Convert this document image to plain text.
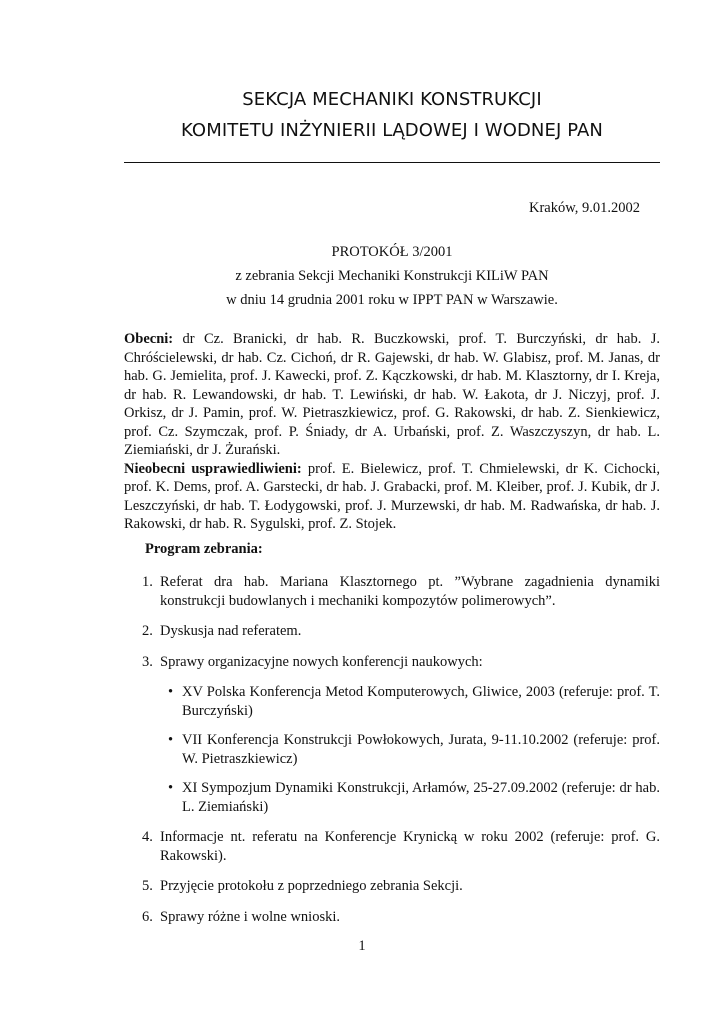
SEKCJA MECHANIKI KONSTRUKCJI
KOMITETU INŻYNIERII LĄDOWEJ I WODNEJ PAN
Kraków, 9.01.2002
PROTOKÓŁ 3/2001
z zebrania Sekcji Mechaniki Konstrukcji KILiW PAN
w dniu 14 grudnia 2001 roku w IPPT PAN w Warszawie.
Obecni: dr Cz. Branicki, dr hab. R. Buczkowski, prof. T. Burczyński, dr hab. J. Chróścielewski, dr hab. Cz. Cichoń, dr R. Gajewski, dr hab. W. Glabisz, prof. M. Janas, dr hab. G. Jemielita, prof. J. Kawecki, prof. Z. Kączkowski, dr hab. M. Klasztorny, dr I. Kreja, dr hab. R. Lewandowski, dr hab. T. Lewiński, dr hab. W. Łakota, dr J. Niczyj, prof. J. Orkisz, dr J. Pamin, prof. W. Pietraszkiewicz, prof. G. Rakowski, dr hab. Z. Sienkiewicz, prof. Cz. Szymczak, prof. P. Śniady, dr A. Urbański, prof. Z. Waszczyszyn, dr hab. L. Ziemiański, dr J. Żurański.
Nieobecni usprawiedliwieni: prof. E. Bielewicz, prof. T. Chmielewski, dr K. Cichocki, prof. K. Dems, prof. A. Garstecki, dr hab. J. Grabacki, prof. M. Kleiber, prof. J. Kubik, dr J. Leszczyński, dr hab. T. Łodygowski, prof. J. Murzewski, dr hab. M. Radwańska, dr hab. J. Rakowski, dr hab. R. Sygulski, prof. Z. Stojek.
Program zebrania:
1. Referat dra hab. Mariana Klasztornego pt. ”Wybrane zagadnienia dynamiki konstrukcji budowlanych i mechaniki kompozytów polimerowych”.
2. Dyskusja nad referatem.
3. Sprawy organizacyjne nowych konferencji naukowych:
• XV Polska Konferencja Metod Komputerowych, Gliwice, 2003 (referuje: prof. T. Burczyński)
• VII Konferencja Konstrukcji Powłokowych, Jurata, 9-11.10.2002 (referuje: prof. W. Pietraszkiewicz)
• XI Sympozjum Dynamiki Konstrukcji, Arłamów, 25-27.09.2002 (referuje: dr hab. L. Ziemiański)
4. Informacje nt. referatu na Konferencje Krynicką w roku 2002 (referuje: prof. G. Rakowski).
5. Przyjęcie protokołu z poprzedniego zebrania Sekcji.
6. Sprawy różne i wolne wnioski.
1
